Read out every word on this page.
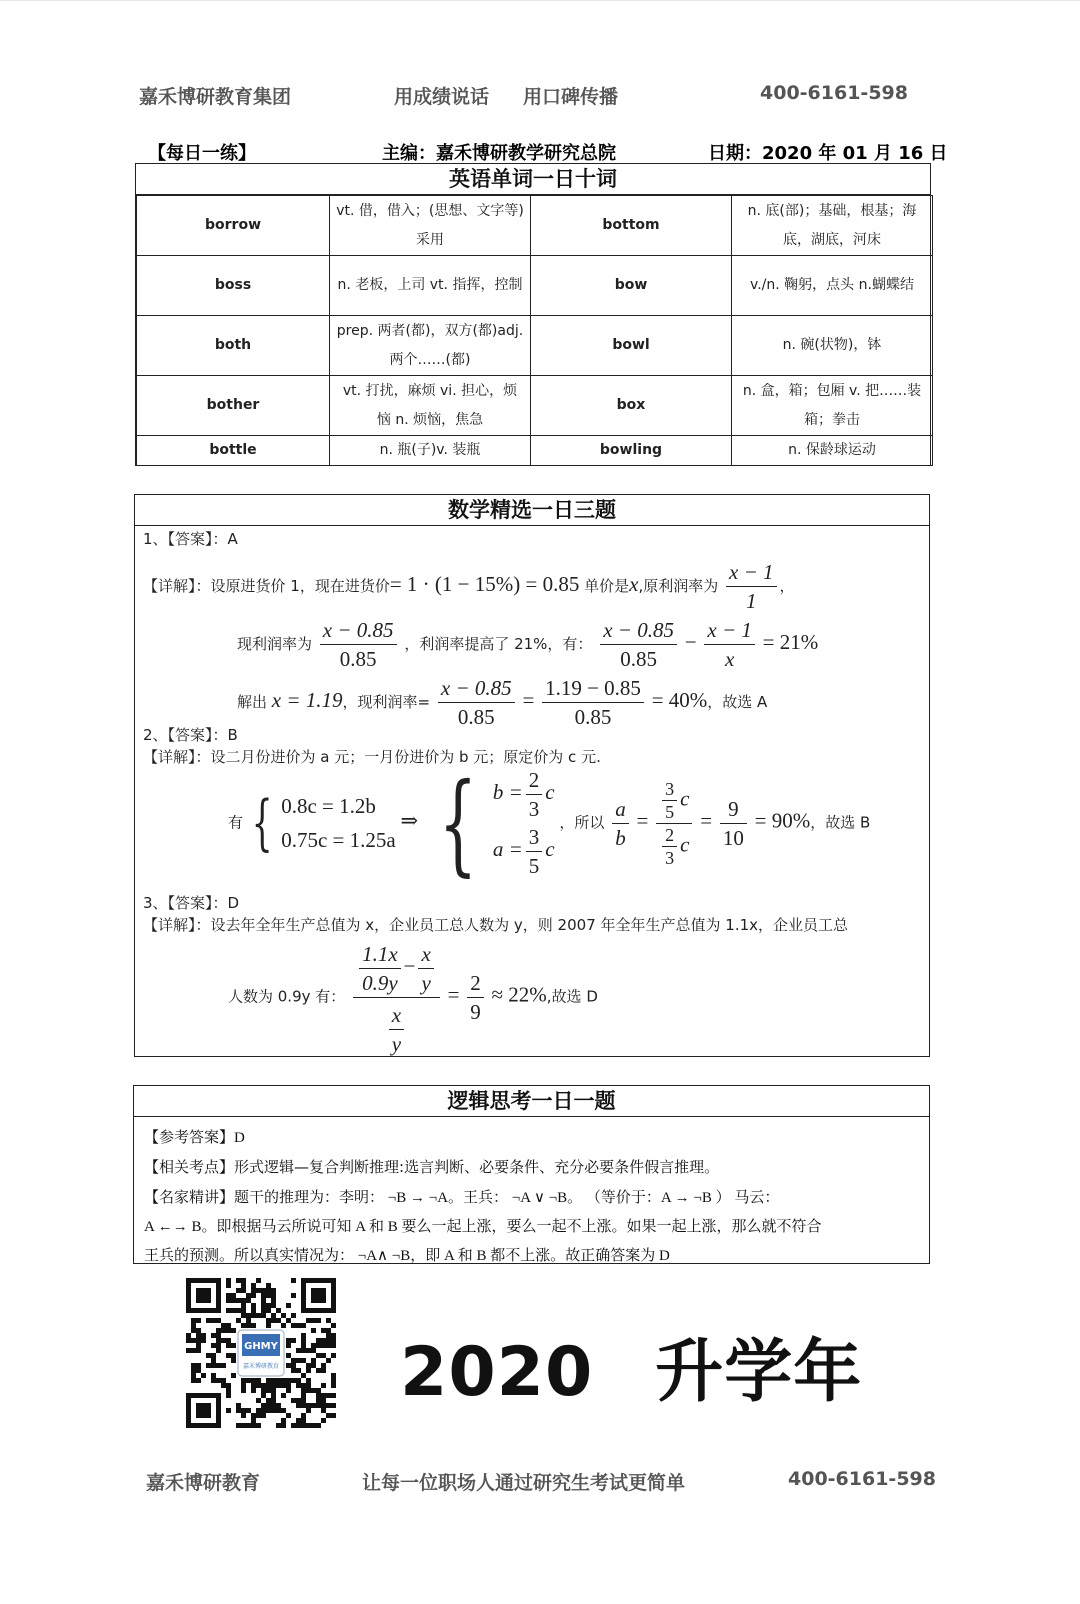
嘉禾博研教育集团	用成绩说话 用口碑传播	400-6161-598
【每日一练】	主编：嘉禾博研教学研究总院	日期：2020 年 01 月 16 日
英语单词一日十词
borrow	vt. 借，借入；(思想、文字等)采用	bottom	n. 底(部)；基础，根基；海底，湖底，河床
boss	n. 老板，上司 vt. 指挥，控制	bow	v./n. 鞠躬，点头 n.蝴蝶结
both	prep. 两者(都)，双方(都)adj. 两个……(都)	bowl	n. 碗(状物)，钵
bother	vt. 打扰，麻烦 vi. 担心，烦恼 n. 烦恼，焦急	box	n. 盒，箱；包厢 v. 把……装箱；拳击
bottle	n. 瓶(子)v. 装瓶	bowling	n. 保龄球运动
数学精选一日三题
1、【答案】：A
【详解】：设原进货价 1，现在进货价= 1 · (1 − 15%) = 0.85 单价是x,原利润率为 $\frac{x - 1}{1}$ ，
现利润率为 $\frac{x - 0.85}{0.85}$ ，利润率提高了 21%，有： $\frac{x - 0.85}{0.85} - \frac{x - 1}{x} = 21\%$
解出 x = 1.19，现利润率= $\frac{x - 0.85}{0.85} = \frac{1.19 - 0.85}{0.85} = 40\%$，故选 A
2、【答案】：B
【详解】：设二月份进价为 a 元；一月份进价为 b 元；原定价为 c 元.
有 { 0.8c = 1.2b
0.75c = 1.25a
⇒ { $b = \frac{2}{3}$ c
$a = \frac{3}{5}$ c
，所以 $\frac{a}{b} = \frac{\frac{3}{5} c}{\frac{2}{3} c} = \frac{9}{10} = 90\%$，故选 B
3、【答案】：D
【详解】：设去年全年生产总值为 x，企业员工总人数为 y，则 2007 年全年生产总值为 1.1x，企业员工总
人数为 0.9y 有： $\frac{\frac{1.1x}{0.9y} - \frac{x}{y}}{\frac{x}{y}} = \frac{2}{9} \approx 22\%$,故选 D
逻辑思考一日一题
【参考答案】D
【相关考点】形式逻辑—复合判断推理:选言判断、必要条件、充分必要条件假言推理。
【名家精讲】题干的推理为：李明： ¬B → ¬A。王兵： ¬A ∨ ¬B。 （等价于：A → ¬B ） 马云：
A ←→ B。即根据马云所说可知 A 和 B 要么一起上涨，要么一起不上涨。如果一起上涨，那么就不符合
王兵的预测。所以真实情况为： ¬A∧ ¬B，即 A 和 B 都不上涨。故正确答案为 D
GHMY
嘉禾博研教育 2020 升学年
嘉禾博研教育	让每一位职场人通过研究生考试更简单	400-6161-598
